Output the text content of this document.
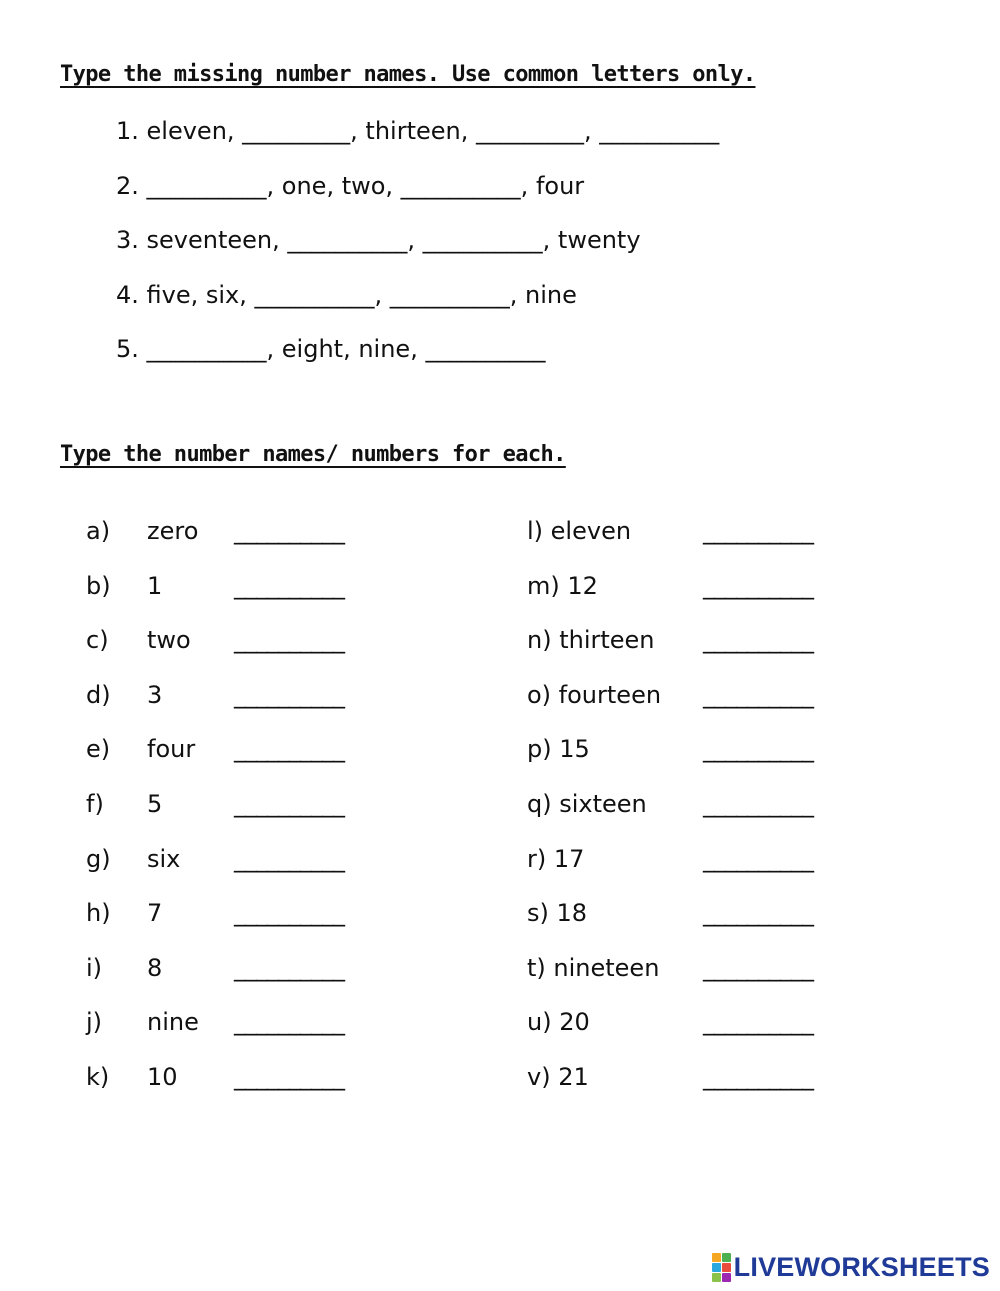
Type the missing number names. Use common letters only.
1. eleven, _________, thirteen, _________, __________
2. __________, one, two, __________, four
3. seventeen, __________, __________, twenty
4. five, six, __________, __________, nine
5. __________, eight, nine, __________
Type the number names/ numbers for each.
a) zero __________
b) 1	__________
c) two __________
d) 3	__________
e) four __________
f) 5	__________
g) six __________
h) 7	__________
i) 8	__________
j) nine __________
k) 10 __________
l) eleven	__________
m) 12	__________
n) thirteen __________
o) fourteen __________
p) 15	__________
q) sixteen __________
r) 17	__________
s) 18	__________
t) nineteen __________
u) 20	__________
v) 21	__________
LIVEWORKSHEETS
